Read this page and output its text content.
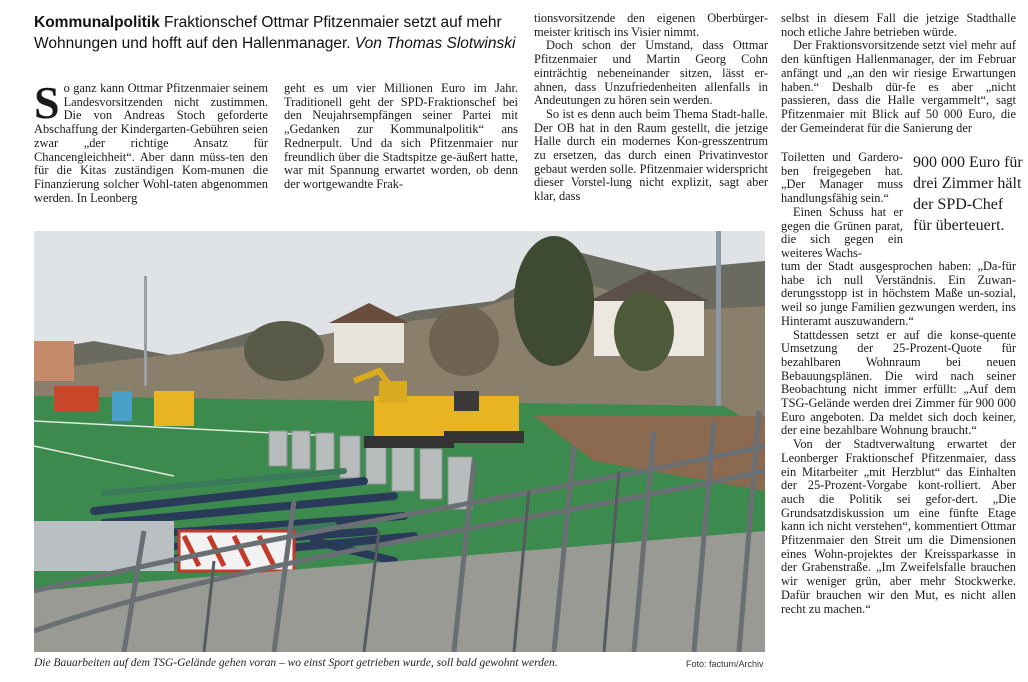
Kommunalpolitik Fraktionschef Ottmar Pfitzenmaier setzt auf mehr Wohnungen und hofft auf den Hallenmanager. Von Thomas Slotwinski

So ganz kann Ottmar Pfitzenmaier seinem Landesvorsitzenden nicht zustimmen. Die von Andreas Stoch geforderte Abschaffung der Kindergarten-Gebühren seien zwar „der richtige Ansatz für Chancengleichheit“. Aber dann müss-ten den für die Kitas zuständigen Kom-munen die Finanzierung solcher Wohl-taten abgenommen werden. In Leonberg

geht es um vier Millionen Euro im Jahr. Traditionell geht der SPD-Fraktionschef bei den Neujahrsempfängen seiner Partei mit „Gedanken zur Kommunalpolitik“ ans Rednerpult. Und da sich Pfitzenmaier nur freundlich über die Stadtspitze ge-äußert hatte, war mit Spannung erwartet worden, ob denn der wortgewandte Frak-

tionsvorsitzende den eigenen Oberbürger-meister kritisch ins Visier nimmt.

Doch schon der Umstand, dass Ottmar Pfitzenmaier und Martin Georg Cohn einträchtig nebeneinander sitzen, lässt er-ahnen, dass Unzufriedenheiten allenfalls in Andeutungen zu hören sein werden.

So ist es denn auch beim Thema Stadt-halle. Der OB hat in den Raum gestellt, die jetzige Halle durch ein modernes Kon-gresszentrum zu ersetzen, das durch einen Privatinvestor gebaut werden solle. Pfitzenmaier widerspricht dieser Vorstel-lung nicht explizit, sagt aber klar, dass

selbst in diesem Fall die jetzige Stadthalle noch etliche Jahre betrieben würde.

Der Fraktionsvorsitzende setzt viel mehr auf den künftigen Hallenmanager, der im Februar anfängt und „an den wir riesige Erwartungen haben.“ Deshalb dür-fe es aber „nicht passieren, dass die Halle vergammelt“, sagt Pfitzenmaier mit Blick auf 50 000 Euro, die der Gemeinderat für die Sanierung der

Toiletten und Gardero-ben freigegeben hat. „Der Manager muss handlungsfähig sein.“

Einen Schuss hat er gegen die Grünen parat, die sich gegen ein weiteres Wachs-

900 000 Euro für drei Zimmer hält der SPD-Chef für überteuert.

tum der Stadt ausgesprochen haben: „Da-für habe ich null Verständnis. Ein Zuwan-derungsstopp ist in höchstem Maße un-sozial, weil so junge Familien gezwungen werden, ins Hinteramt auszuwandern.“

Stattdessen setzt er auf die konse-quente Umsetzung der 25-Prozent-Quote für bezahlbaren Wohnraum bei neuen Bebauungsplänen. Die wird nach seiner Beobachtung nicht immer erfüllt: „Auf dem TSG-Gelände werden drei Zimmer für 900 000 Euro angeboten. Da meldet sich doch keiner, der eine bezahlbare Wohnung braucht.“

Von der Stadtverwaltung erwartet der Leonberger Fraktionschef Pfitzenmaier, dass ein Mitarbeiter „mit Herzblut“ das Einhalten der 25-Prozent-Vorgabe kont-rolliert. Aber auch die Politik sei gefor-dert. „Die Grundsatzdiskussion um eine fünfte Etage kann ich nicht verstehen“, kommentiert Ottmar Pfitzenmaier den Streit um die Dimensionen eines Wohn-projektes der Kreissparkasse in der Grabenstraße. „Im Zweifelsfalle brauchen wir weniger grün, aber mehr Stockwerke. Dafür brauchen wir den Mut, es nicht allen recht zu machen.“

Die Bauarbeiten auf dem TSG-Gelände gehen voran – wo einst Sport getrieben wurde, soll bald gewohnt werden.	Foto: factum/Archiv
